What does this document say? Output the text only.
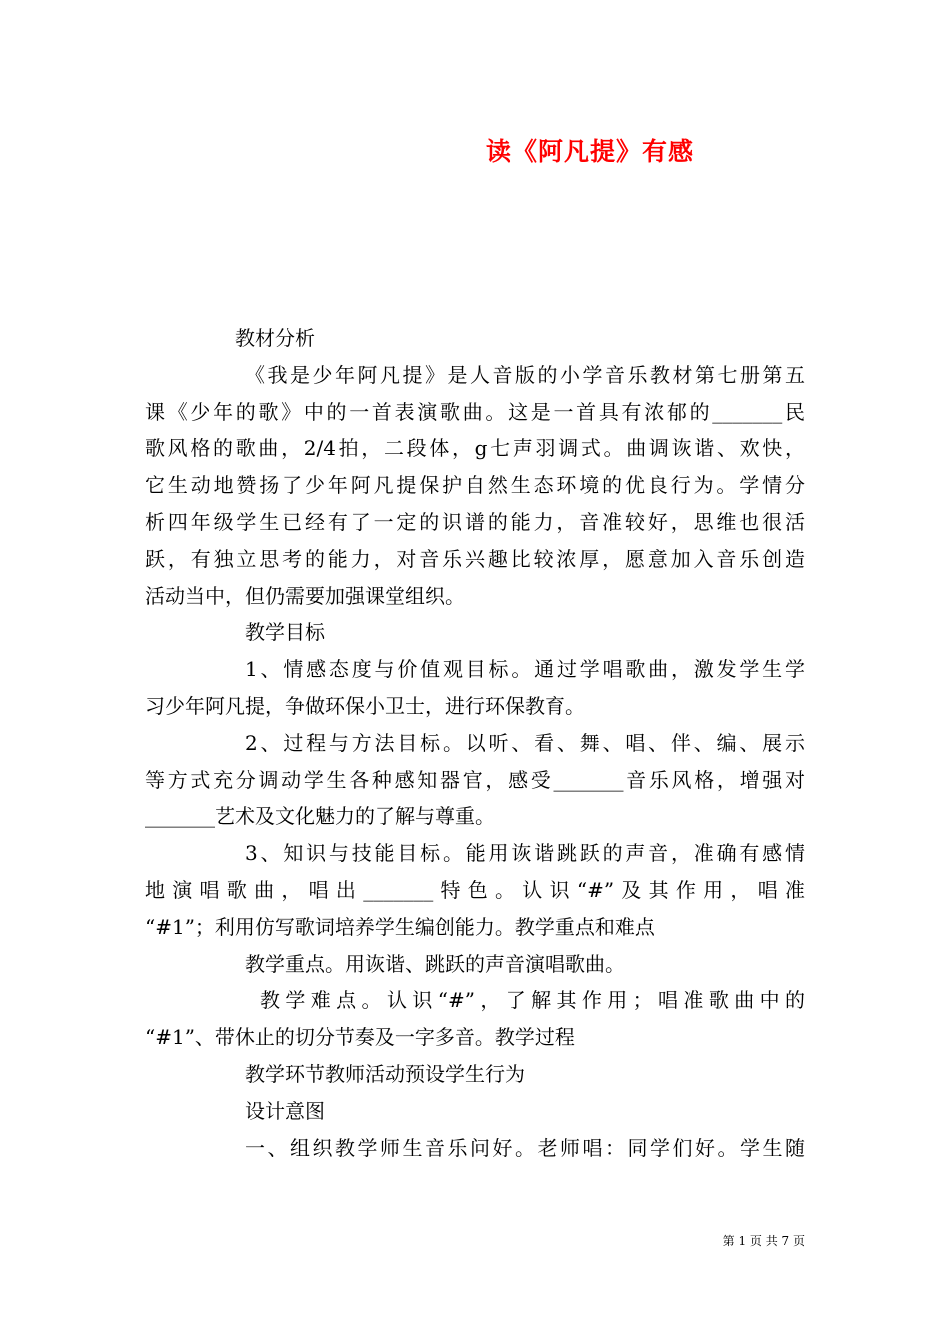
读《阿凡提》有感
教材分析
《我是少年阿凡提》是人音版的小学音乐教材第七册第五
课《少年的歌》中的一首表演歌曲。这是一首具有浓郁的_______民
歌风格的歌曲，2/4拍，二段体，g七声羽调式。曲调诙谐、欢快，
它生动地赞扬了少年阿凡提保护自然生态环境的优良行为。学情分
析四年级学生已经有了一定的识谱的能力，音准较好，思维也很活
跃，有独立思考的能力，对音乐兴趣比较浓厚，愿意加入音乐创造
活动当中，但仍需要加强课堂组织。
教学目标
1、情感态度与价值观目标。通过学唱歌曲，激发学生学
习少年阿凡提，争做环保小卫士，进行环保教育。
2、过程与方法目标。以听、看、舞、唱、伴、编、展示
等方式充分调动学生各种感知器官，感受_______音乐风格，增强对
_______艺术及文化魅力的了解与尊重。
3、知识与技能目标。能用诙谐跳跃的声音，准确有感情
地演唱歌曲，唱出_______特色。认识“#”及其作用，唱准
“#1”；利用仿写歌词培养学生编创能力。教学重点和难点
教学重点。用诙谐、跳跃的声音演唱歌曲。
教学难点。认识“#”，了解其作用；唱准歌曲中的
“#1”、带休止的切分节奏及一字多音。教学过程
教学环节教师活动预设学生行为
设计意图
一、组织教学师生音乐问好。老师唱：同学们好。学生随
第 1 页 共 7 页
